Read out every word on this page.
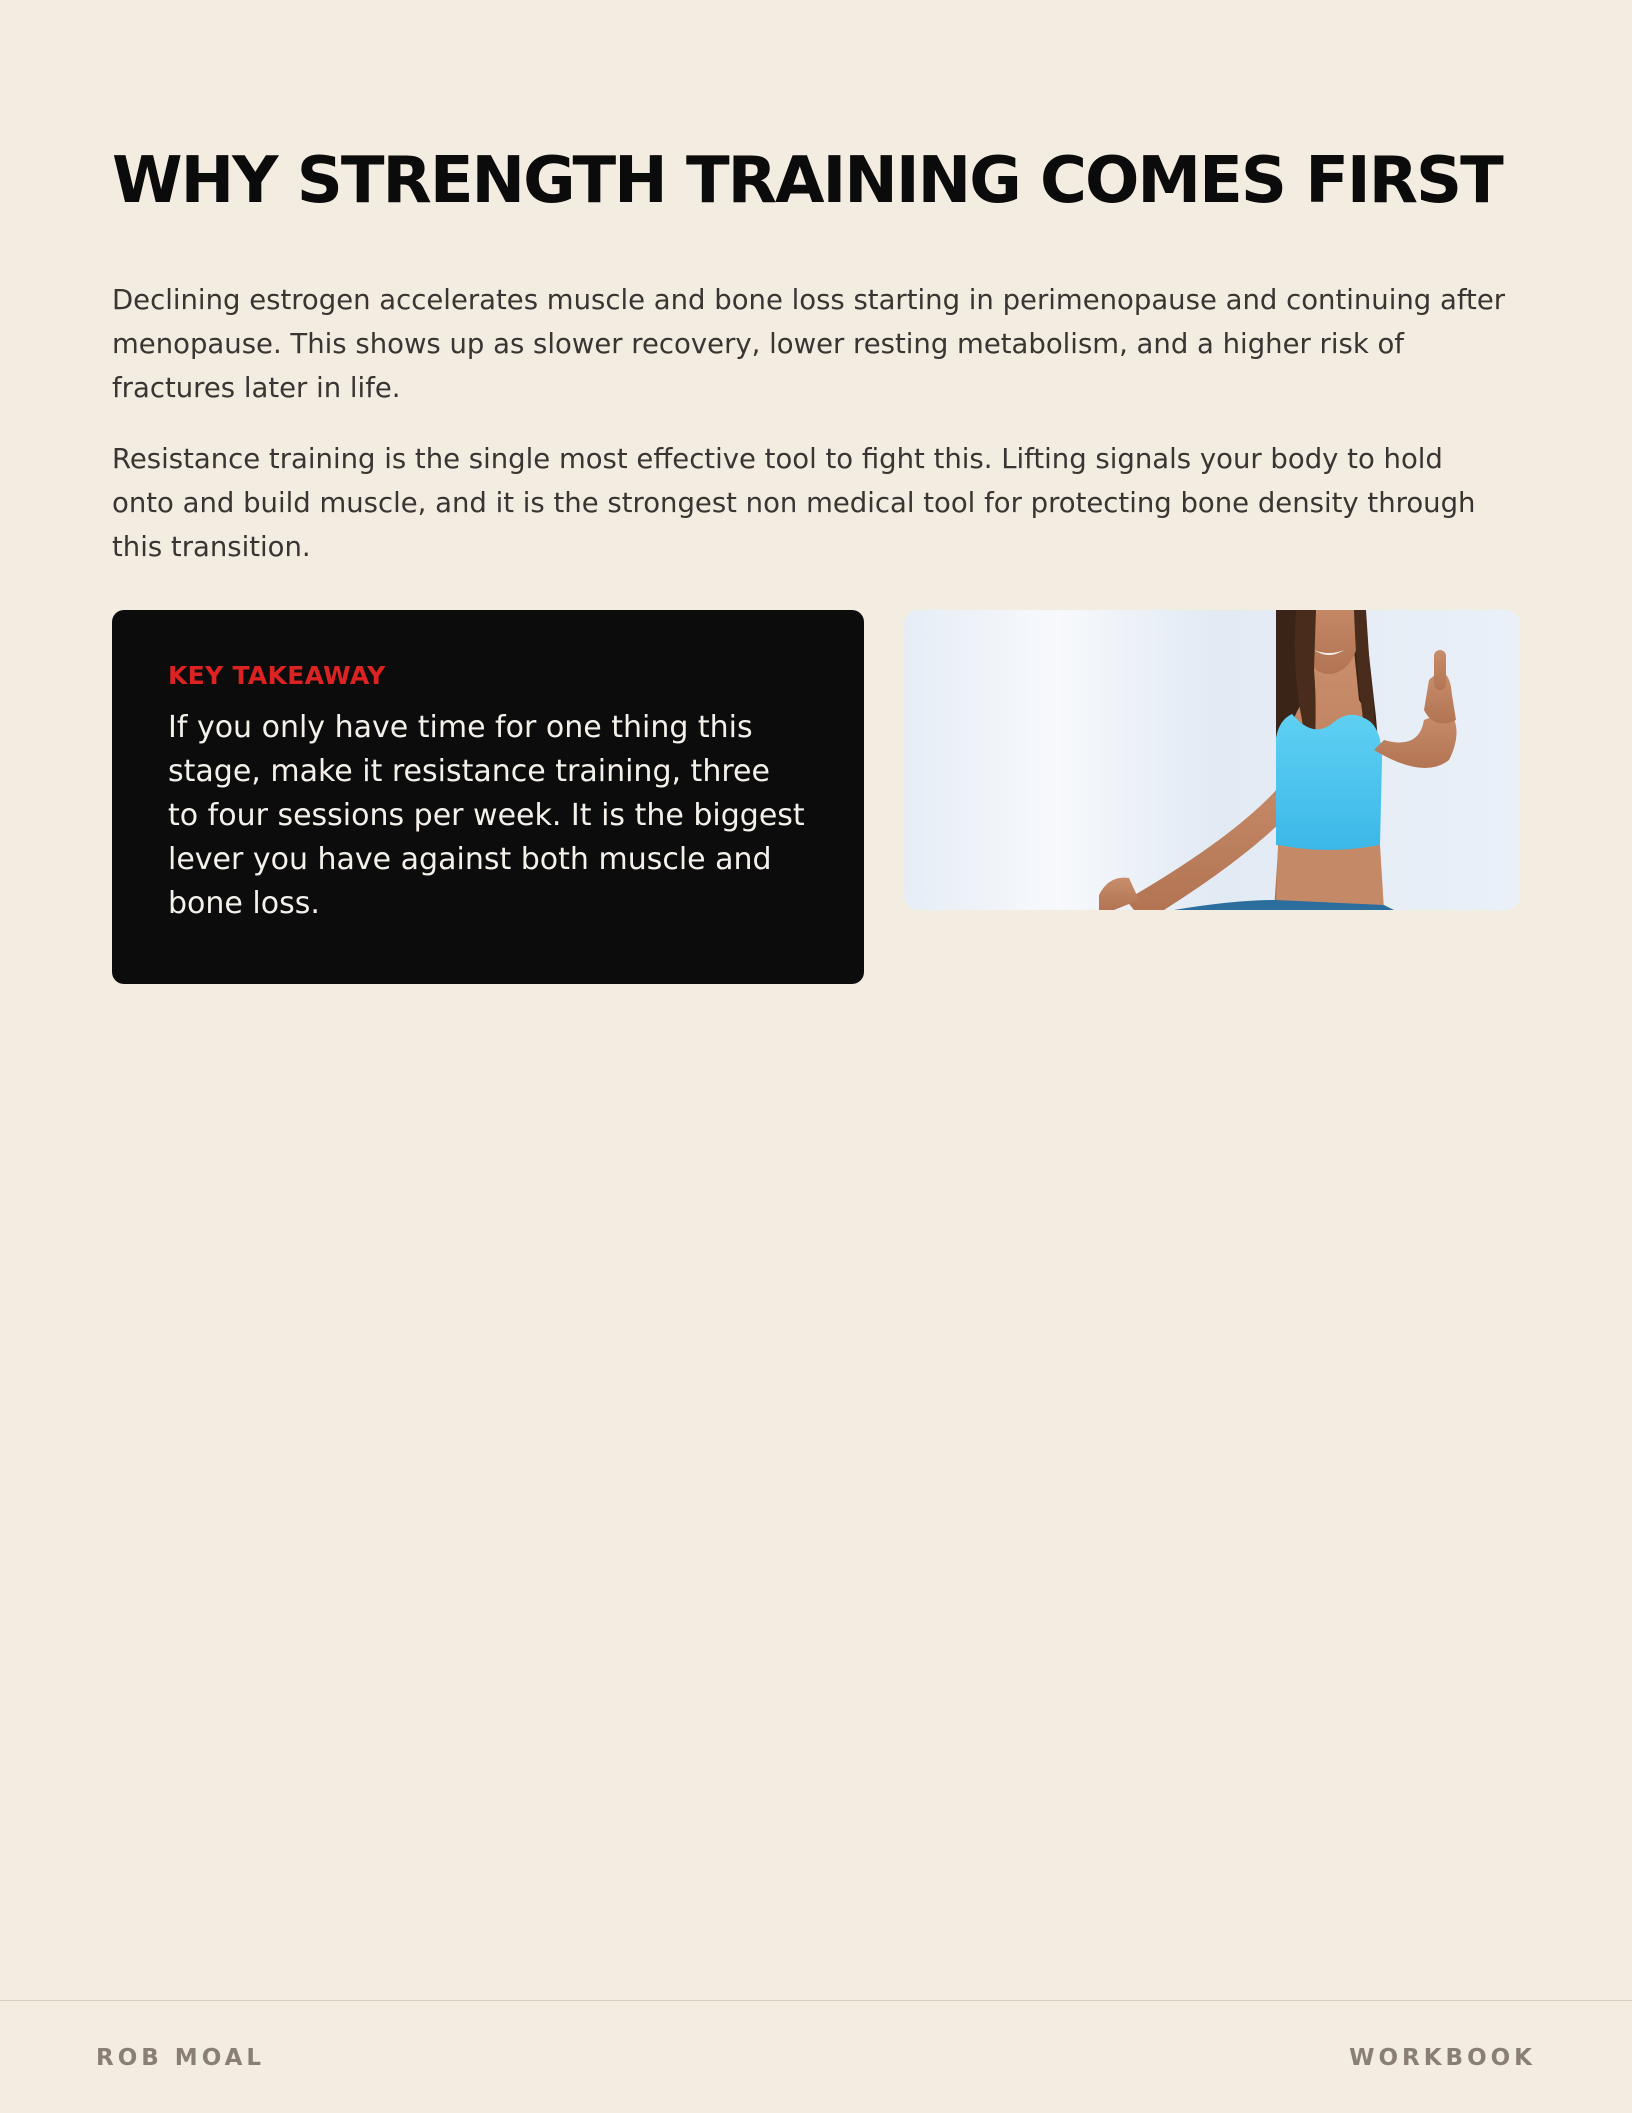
WHY STRENGTH TRAINING COMES FIRST

Declining estrogen accelerates muscle and bone loss starting in perimenopause and continuing after menopause. This shows up as slower recovery, lower resting metabolism, and a higher risk of fractures later in life.

Resistance training is the single most effective tool to fight this. Lifting signals your body to hold onto and build muscle, and it is the strongest non medical tool for protecting bone density through this transition.

KEY TAKEAWAY

If you only have time for one thing this stage, make it resistance training, three to four sessions per week. It is the biggest lever you have against both muscle and bone loss.

ROB MOAL	WORKBOOK
